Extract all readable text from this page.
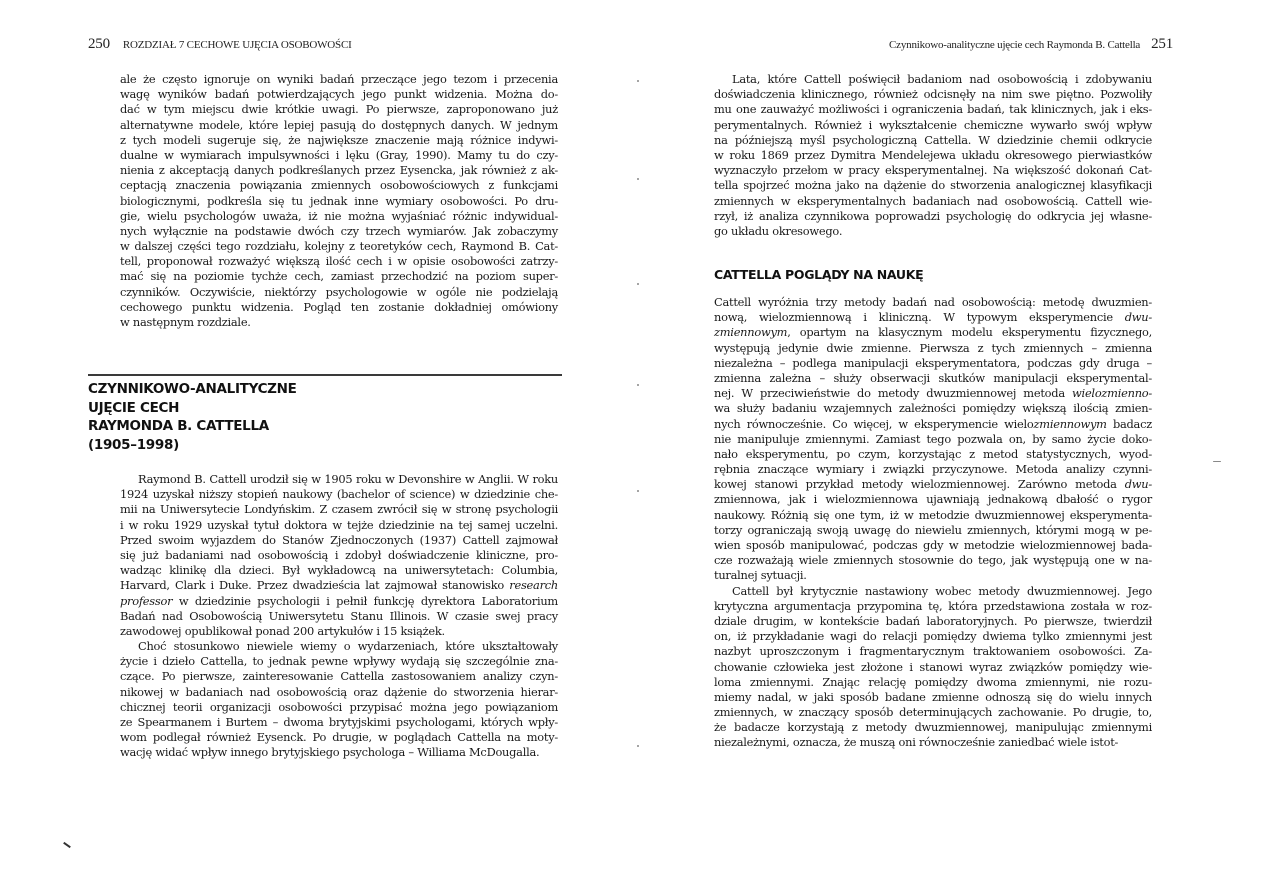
250 ROZDZIAŁ 7 CECHOWE UJĘCIA OSOBOWOŚCI
ale że często ignoruje on wyniki badań przeczące jego tezom i przecenia
wagę wyników badań potwierdzających jego punkt widzenia. Można do-
dać w tym miejscu dwie krótkie uwagi. Po pierwsze, zaproponowano już
alternatywne modele, które lepiej pasują do dostępnych danych. W jednym
z tych modeli sugeruje się, że największe znaczenie mają różnice indywi-
dualne w wymiarach impulsywności i lęku (Gray, 1990). Mamy tu do czy-
nienia z akceptacją danych podkreślanych przez Eysencka, jak również z ak-
ceptacją znaczenia powiązania zmiennych osobowościowych z funkcjami
biologicznymi, podkreśla się tu jednak inne wymiary osobowości. Po dru-
gie, wielu psychologów uważa, iż nie można wyjaśniać różnic indywidual-
nych wyłącznie na podstawie dwóch czy trzech wymiarów. Jak zobaczymy
w dalszej części tego rozdziału, kolejny z teoretyków cech, Raymond B. Cat-
tell, proponował rozważyć większą ilość cech i w opisie osobowości zatrzy-
mać się na poziomie tychże cech, zamiast przechodzić na poziom super-
czynników. Oczywiście, niektórzy psychologowie w ogóle nie podzielają
cechowego punktu widzenia. Pogląd ten zostanie dokładniej omówiony
w następnym rozdziale.
CZYNNIKOWO-ANALITYCZNE
UJĘCIE CECH
RAYMONDA B. CATTELLA
(1905–1998)
Raymond B. Cattell urodził się w 1905 roku w Devonshire w Anglii. W roku
1924 uzyskał niższy stopień naukowy (bachelor of science) w dziedzinie che-
mii na Uniwersytecie Londyńskim. Z czasem zwrócił się w stronę psychologii
i w roku 1929 uzyskał tytuł doktora w tejże dziedzinie na tej samej uczelni.
Przed swoim wyjazdem do Stanów Zjednoczonych (1937) Cattell zajmował
się już badaniami nad osobowością i zdobył doświadczenie kliniczne, pro-
wadząc klinikę dla dzieci. Był wykładowcą na uniwersytetach: Columbia,
Harvard, Clark i Duke. Przez dwadzieścia lat zajmował stanowisko research
professor w dziedzinie psychologii i pełnił funkcję dyrektora Laboratorium
Badań nad Osobowością Uniwersytetu Stanu Illinois. W czasie swej pracy
zawodowej opublikował ponad 200 artykułów i 15 książek.
Choć stosunkowo niewiele wiemy o wydarzeniach, które ukształtowały
życie i dzieło Cattella, to jednak pewne wpływy wydają się szczególnie zna-
czące. Po pierwsze, zainteresowanie Cattella zastosowaniem analizy czyn-
nikowej w badaniach nad osobowością oraz dążenie do stworzenia hierar-
chicznej teorii organizacji osobowości przypisać można jego powiązaniom
ze Spearmanem i Burtem – dwoma brytyjskimi psychologami, których wpły-
wom podlegał również Eysenck. Po drugie, w poglądach Cattella na moty-
wację widać wpływ innego brytyjskiego psychologa – Williama McDougalla.
Czynnikowo-analityczne ujęcie cech Raymonda B. Cattella 251
Lata, które Cattell poświęcił badaniom nad osobowością i zdobywaniu
doświadczenia klinicznego, również odcisnęły na nim swe piętno. Pozwoliły
mu one zauważyć możliwości i ograniczenia badań, tak klinicznych, jak i eks-
perymentalnych. Również i wykształcenie chemiczne wywarło swój wpływ
na późniejszą myśl psychologiczną Cattella. W dziedzinie chemii odkrycie
w roku 1869 przez Dymitra Mendelejewa układu okresowego pierwiastków
wyznaczyło przełom w pracy eksperymentalnej. Na większość dokonań Cat-
tella spojrzeć można jako na dążenie do stworzenia analogicznej klasyfikacji
zmiennych w eksperymentalnych badaniach nad osobowością. Cattell wie-
rzył, iż analiza czynnikowa poprowadzi psychologię do odkrycia jej własne-
go układu okresowego.
CATTELLA POGLĄDY NA NAUKĘ
Cattell wyróżnia trzy metody badań nad osobowością: metodę dwuzmien-
nową, wielozmiennową i kliniczną. W typowym eksperymencie dwu-
zmiennowym, opartym na klasycznym modelu eksperymentu fizycznego,
występują jedynie dwie zmienne. Pierwsza z tych zmiennych – zmienna
niezależna – podlega manipulacji eksperymentatora, podczas gdy druga –
zmienna zależna – służy obserwacji skutków manipulacji eksperymental-
nej. W przeciwieństwie do metody dwuzmiennowej metoda wielozmienno-
wa służy badaniu wzajemnych zależności pomiędzy większą ilością zmien-
nych równocześnie. Co więcej, w eksperymencie wielozmiennowym badacz
nie manipuluje zmiennymi. Zamiast tego pozwala on, by samo życie doko-
nało eksperymentu, po czym, korzystając z metod statystycznych, wyod-
rębnia znaczące wymiary i związki przyczynowe. Metoda analizy czynni-
kowej stanowi przykład metody wielozmiennowej. Zarówno metoda dwu-
zmiennowa, jak i wielozmiennowa ujawniają jednakową dbałość o rygor
naukowy. Różnią się one tym, iż w metodzie dwuzmiennowej eksperymenta-
torzy ograniczają swoją uwagę do niewielu zmiennych, którymi mogą w pe-
wien sposób manipulować, podczas gdy w metodzie wielozmiennowej bada-
cze rozważają wiele zmiennych stosownie do tego, jak występują one w na-
turalnej sytuacji.
Cattell był krytycznie nastawiony wobec metody dwuzmiennowej. Jego
krytyczna argumentacja przypomina tę, która przedstawiona została w roz-
dziale drugim, w kontekście badań laboratoryjnych. Po pierwsze, twierdził
on, iż przykładanie wagi do relacji pomiędzy dwiema tylko zmiennymi jest
nazbyt uproszczonym i fragmentarycznym traktowaniem osobowości. Za-
chowanie człowieka jest złożone i stanowi wyraz związków pomiędzy wie-
loma zmiennymi. Znając relację pomiędzy dwoma zmiennymi, nie rozu-
miemy nadal, w jaki sposób badane zmienne odnoszą się do wielu innych
zmiennych, w znaczący sposób determinujących zachowanie. Po drugie, to,
że badacze korzystają z metody dwuzmiennowej, manipulując zmiennymi
niezależnymi, oznacza, że muszą oni równocześnie zaniedbać wiele istot-
